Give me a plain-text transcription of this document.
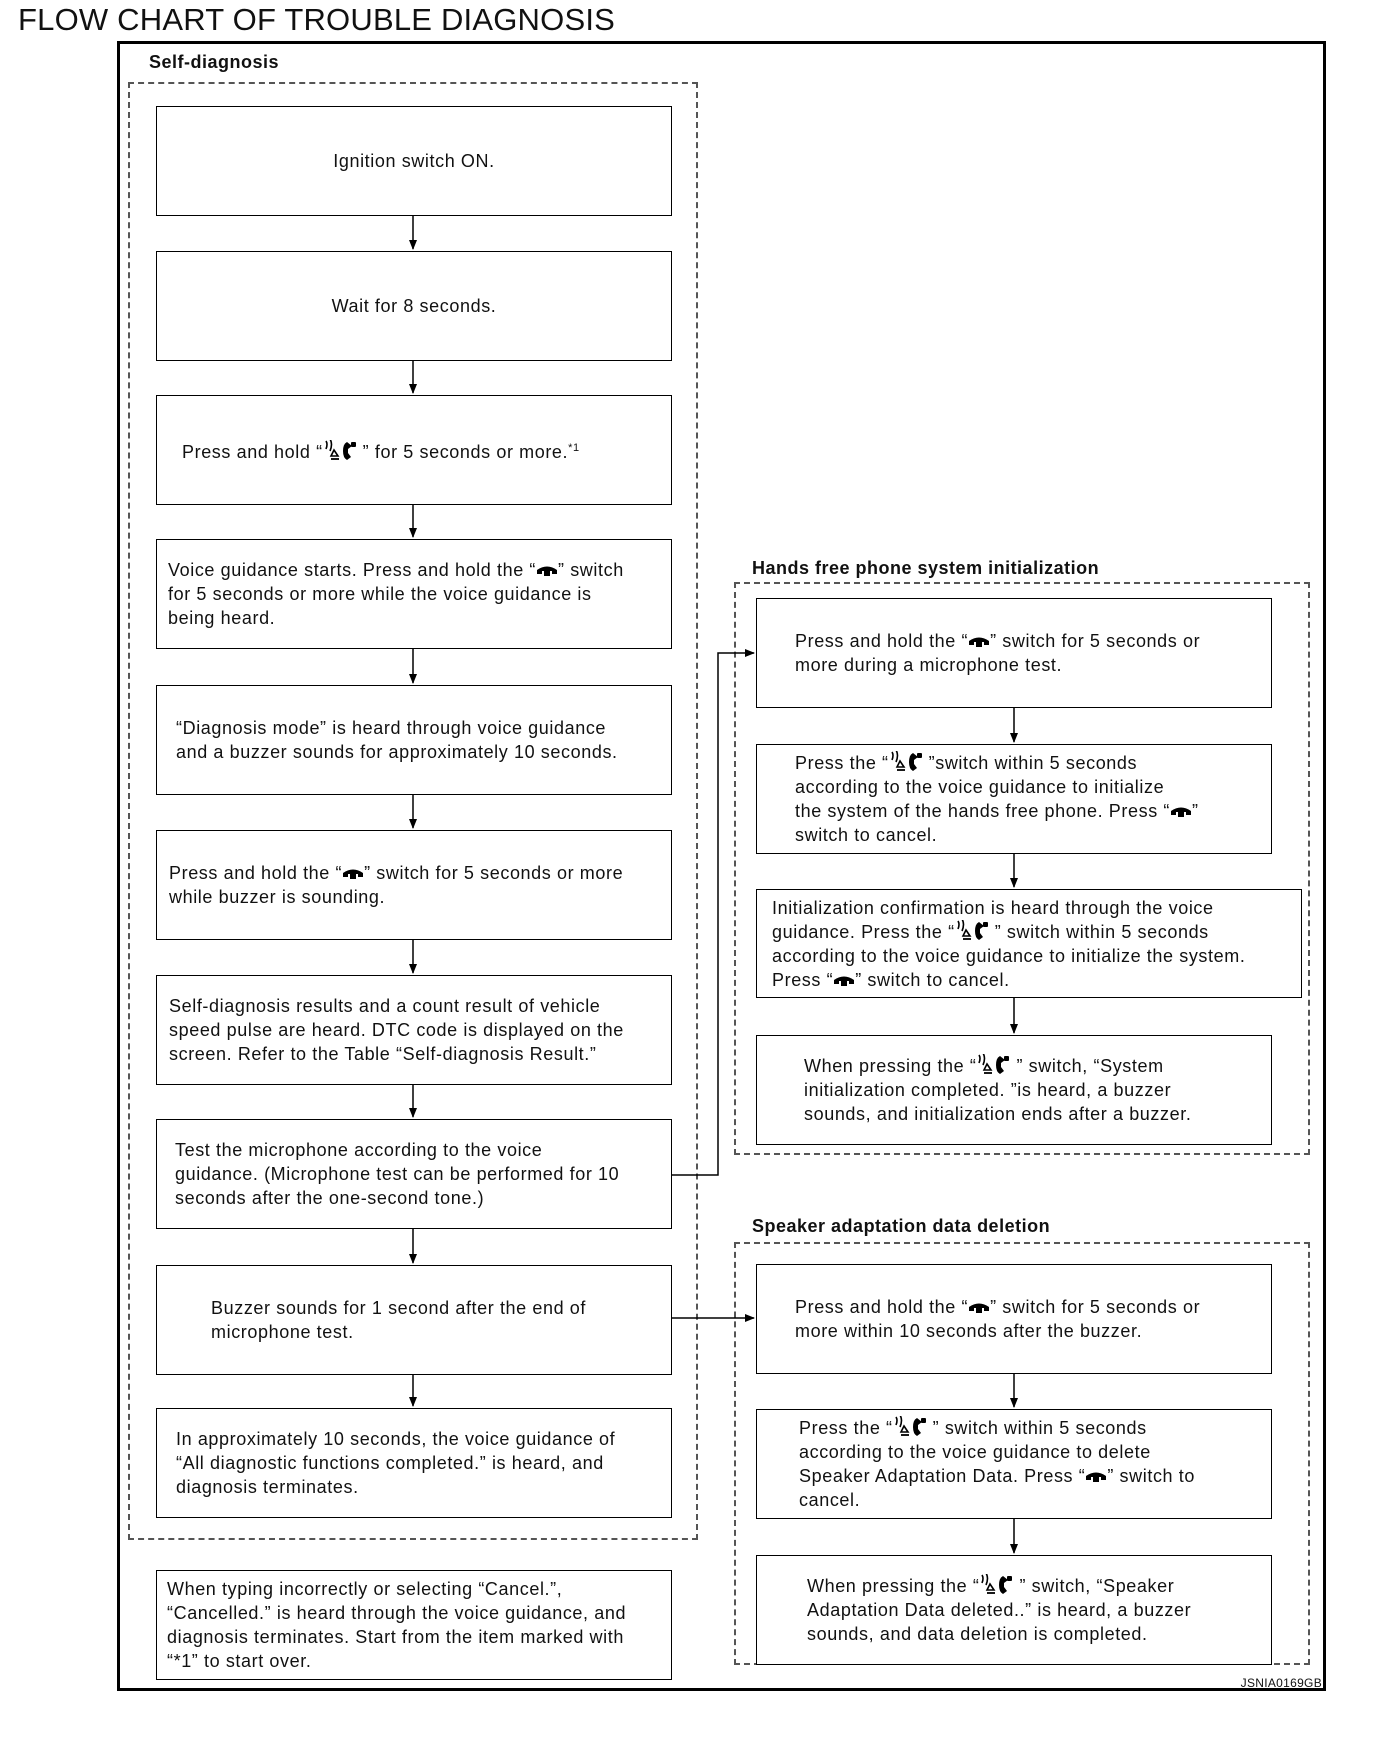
FLOW CHART OF TROUBLE DIAGNOSIS
Self-diagnosis
Hands free phone system initialization
Speaker adaptation data deletion
Ignition switch ON.
Wait for 8 seconds.
Press and hold “ ” for 5 seconds or more.$^{*1}$
Voice guidance starts. Press and hold the “ ” switch
for 5 seconds or more while the voice guidance is
being heard.
“Diagnosis mode” is heard through voice guidance
and a buzzer sounds for approximately 10 seconds.
Press and hold the “ ” switch for 5 seconds or more
while buzzer is sounding.
Self-diagnosis results and a count result of vehicle
speed pulse are heard. DTC code is displayed on the
screen. Refer to the Table “Self-diagnosis Result.”
Test the microphone according to the voice
guidance. (Microphone test can be performed for 10
seconds after the one-second tone.)
Buzzer sounds for 1 second after the end of
microphone test.
In approximately 10 seconds, the voice guidance of
“All diagnostic functions completed.” is heard, and
diagnosis terminates.
When typing incorrectly or selecting “Cancel.”,
“Cancelled.” is heard through the voice guidance, and
diagnosis terminates. Start from the item marked with
“*1” to start over.
Press and hold the “ ” switch for 5 seconds or
more during a microphone test.
Press the “ ”switch within 5 seconds
according to the voice guidance to initialize
the system of the hands free phone. Press “ ”
switch to cancel.
Initialization confirmation is heard through the voice
guidance. Press the “ ” switch within 5 seconds
according to the voice guidance to initialize the system.
Press “ ” switch to cancel.
When pressing the “ ” switch, “System
initialization completed. ”is heard, a buzzer
sounds, and initialization ends after a buzzer.
Press and hold the “ ” switch for 5 seconds or
more within 10 seconds after the buzzer.
Press the “ ” switch within 5 seconds
according to the voice guidance to delete
Speaker Adaptation Data. Press “ ” switch to
cancel.
When pressing the “ ” switch, “Speaker
Adaptation Data deleted..” is heard, a buzzer
sounds, and data deletion is completed.
JSNIA0169GB
